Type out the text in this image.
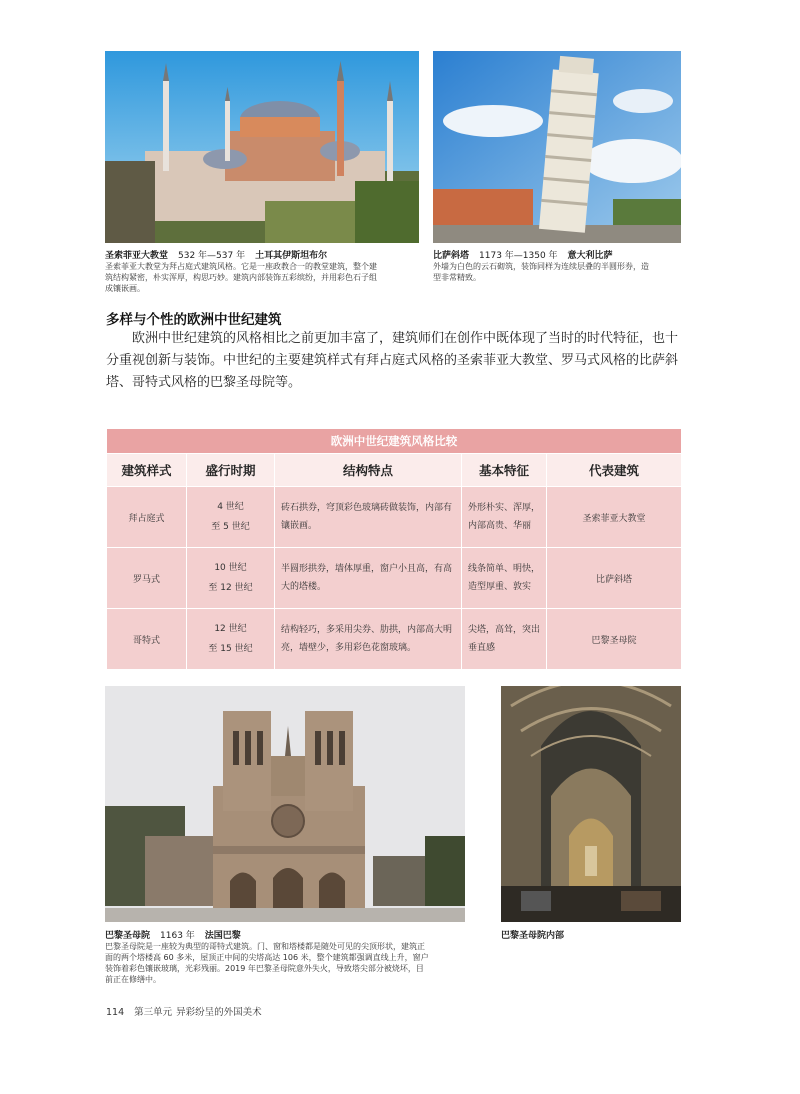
圣索菲亚大教堂 532 年—537 年 土耳其伊斯坦布尔
圣索菲亚大教堂为拜占庭式建筑风格。它是一座政教合一的教堂建筑，整个建
筑结构紧密，朴实浑厚，构思巧妙。建筑内部装饰五彩缤纷，并用彩色石子组
成镶嵌画。
比萨斜塔 1173 年—1350 年 意大利比萨
外墙为白色的云石砌筑，装饰同样为连续层叠的半圆形券，造
型非常精致。
多样与个性的欧洲中世纪建筑
欧洲中世纪建筑的风格相比之前更加丰富了，建筑师们在创作中既体现了当时的时代特征，也十分重视创新与装饰。中世纪的主要建筑样式有拜占庭式风格的圣索菲亚大教堂、罗马式风格的比萨斜塔、哥特式风格的巴黎圣母院等。
欧洲中世纪建筑风格比较				
建筑样式	盛行时期	结构特点	基本特征	代表建筑
拜占庭式	4 世纪
至 5 世纪	砖石拱券，穹顶彩色玻璃砖做装饰，内部有镶嵌画。	外形朴实、浑厚，内部高贵、华丽	圣索菲亚大教堂
罗马式	10 世纪
至 12 世纪	半圆形拱券，墙体厚重，窗户小且高，有高大的塔楼。	线条简单、明快，造型厚重、敦实	比萨斜塔
哥特式	12 世纪
至 15 世纪	结构轻巧，多采用尖券、肋拱，内部高大明亮，墙壁少，多用彩色花窗玻璃。	尖塔，高耸，突出垂直感	巴黎圣母院
巴黎圣母院 1163 年 法国巴黎
巴黎圣母院是一座较为典型的哥特式建筑。门、窗和塔楼都是随处可见的尖顶形状，建筑正
面的两个塔楼高 60 多米，屋顶正中间的尖塔高达 106 米，整个建筑都强调直线上升，窗户
装饰着彩色镶嵌玻璃，光彩残丽。2019 年巴黎圣母院意外失火，导致塔尖部分被烧坏，目
前正在修缮中。
巴黎圣母院内部
114 第三单元 异彩纷呈的外国美术
